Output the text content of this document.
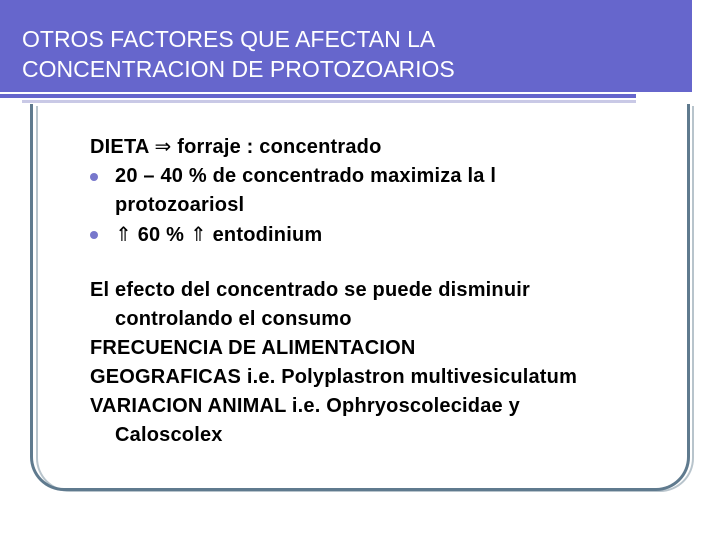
OTROS FACTORES QUE AFECTAN LA
CONCENTRACION DE PROTOZOARIOS
DIETA ⇒ forraje : concentrado
20 – 40 % de concentrado maximiza la l
protozoariosl
⇑ 60 % ⇑ entodinium
El efecto del concentrado se puede disminuir
controlando el consumo
FRECUENCIA DE ALIMENTACION
GEOGRAFICAS i.e. Polyplastron multivesiculatum
VARIACION ANIMAL i.e. Ophryoscolecidae y
Caloscolex
